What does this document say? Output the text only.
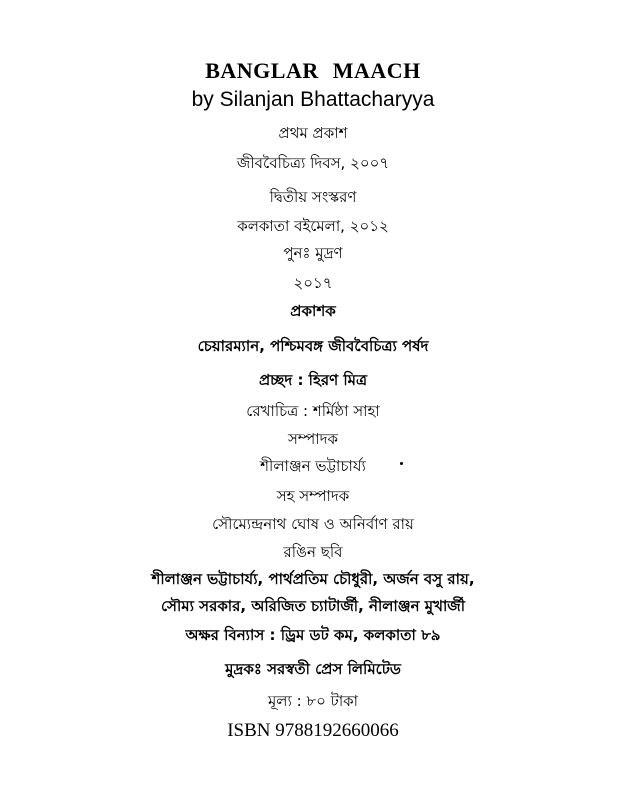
BANGLAR MAACH
by Silanjan Bhattacharyya
প্রথম প্রকাশ
জীববৈচিত্র্য দিবস, ২০০৭
দ্বিতীয় সংস্করণ
কলকাতা বইমেলা, ২০১২
পুনঃ মুদ্রণ
২০১৭
প্রকাশক
চেয়ারম্যান, পশ্চিমবঙ্গ জীববৈচিত্র্য পর্ষদ
প্রচ্ছদ : হিরণ মিত্র
রেখাচিত্র : শর্মিষ্ঠা সাহা
সম্পাদক
শীলাঞ্জন ভট্টাচার্য্য
সহ সম্পাদক
সৌম্যেন্দ্রনাথ ঘোষ ও অনির্বাণ রায়
রঙিন ছবি
শীলাঞ্জন ভট্টাচার্য্য, পার্থপ্রতিম চৌধুরী, অর্জন বসু রায়,
সৌম্য সরকার, অরিজিত চ্যাটার্জী, নীলাঞ্জন মুখার্জী
অক্ষর বিন্যাস : ড্রিম ডট কম, কলকাতা ৮৯
মুদ্রকঃ সরস্বতী প্রেস লিমিটেড
মূল্য : ৮০ টাকা
ISBN 9788192660066
